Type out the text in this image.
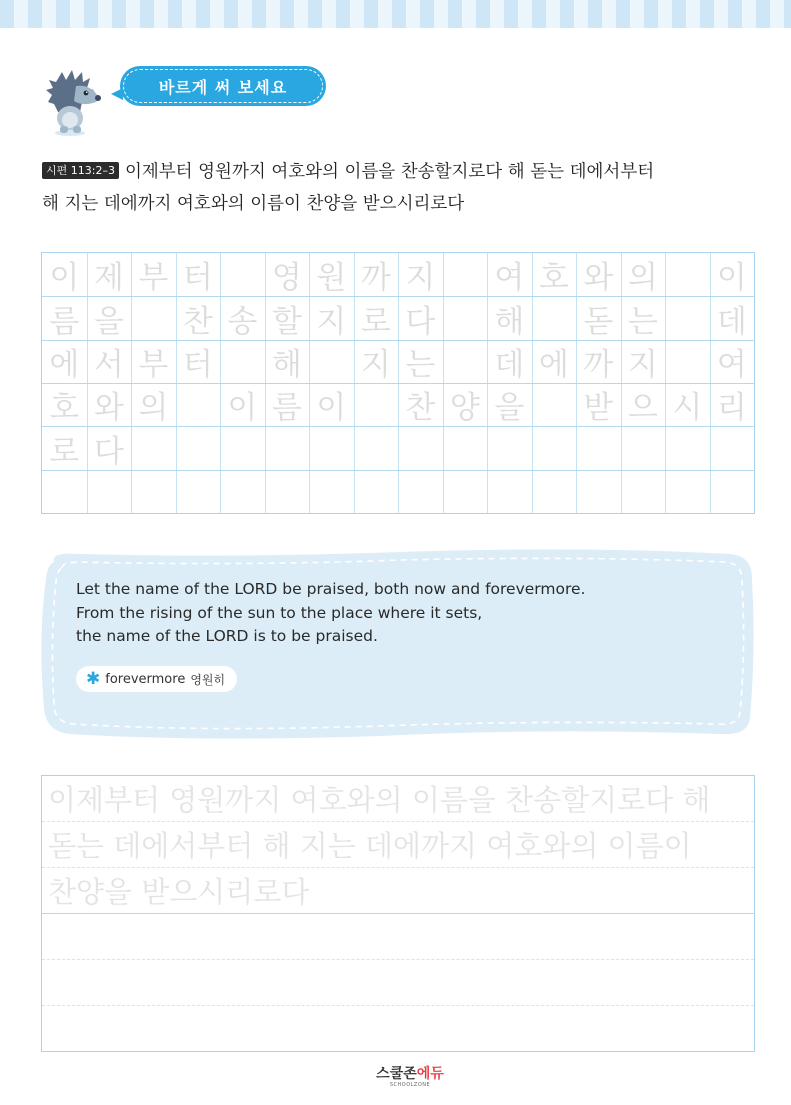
바르게 써 보세요
시편 113:2–3 이제부터 영원까지 여호와의 이름을 찬송할지로다 해 돋는 데에서부터
해 지는 데에까지 여호와의 이름이 찬양을 받으시리로다
이 제 부 터 영 원 까 지 여 호 와 의 이
름 을 찬 송 할 지 로 다 해 돋 는 데
에 서 부 터 해 지 는 데 에 까 지 여
호 와 의 이 름 이 찬 양 을 받 으 시 리
로 다
Let the name of the LORD be praised, both now and forevermore.
From the rising of the sun to the place where it sets,
the name of the LORD is to be praised.
✱ forevermore 영원히
이제부터 영원까지 여호와의 이름을 찬송할지로다 해
돋는 데에서부터 해 지는 데에까지 여호와의 이름이
찬양을 받으시리로다
스쿨존에듀
SCHOOLZONE
